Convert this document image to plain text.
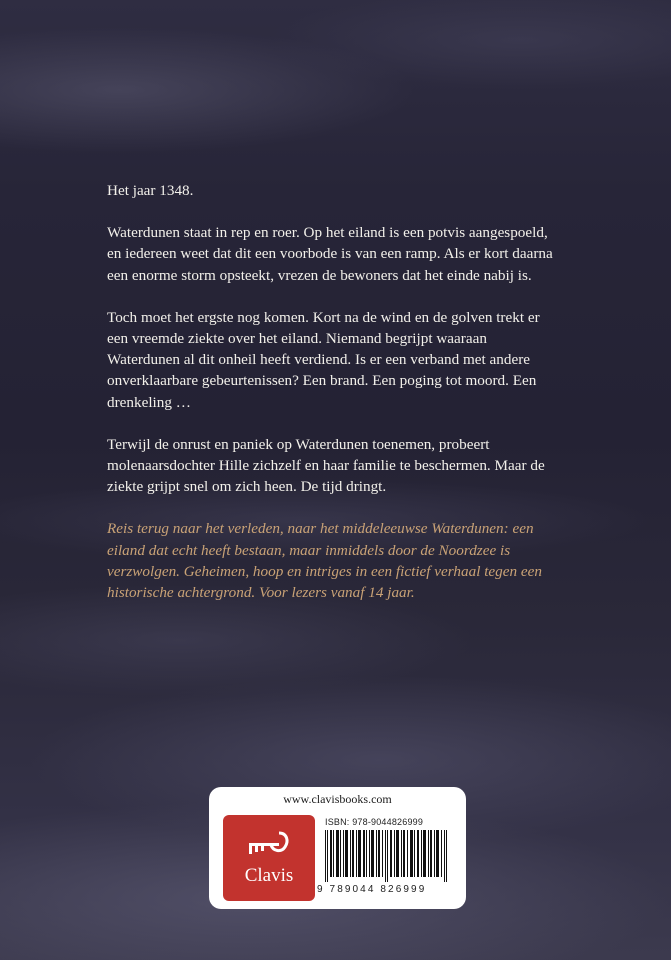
Het jaar 1348.

Waterdunen staat in rep en roer. Op het eiland is een potvis aangespoeld, en iedereen weet dat dit een voorbode is van een ramp. Als er kort daarna een enorme storm opsteekt, vrezen de bewoners dat het einde nabij is.

Toch moet het ergste nog komen. Kort na de wind en de golven trekt er een vreemde ziekte over het eiland. Niemand begrijpt waaraan Waterdunen al dit onheil heeft verdiend. Is er een verband met andere onverklaarbare gebeurtenissen? Een brand. Een poging tot moord. Een drenkeling …

Terwijl de onrust en paniek op Waterdunen toenemen, probeert molenaarsdochter Hille zichzelf en haar familie te beschermen. Maar de ziekte grijpt snel om zich heen. De tijd dringt.

Reis terug naar het verleden, naar het middeleeuwse Waterdunen: een eiland dat echt heeft bestaan, maar inmiddels door de Noordzee is verzwolgen. Geheimen, hoop en intriges in een fictief verhaal tegen een historische achtergrond. Voor lezers vanaf 14 jaar.

www.clavisbooks.com
Clavis
ISBN: 978-9044826999
9 789044 826999
